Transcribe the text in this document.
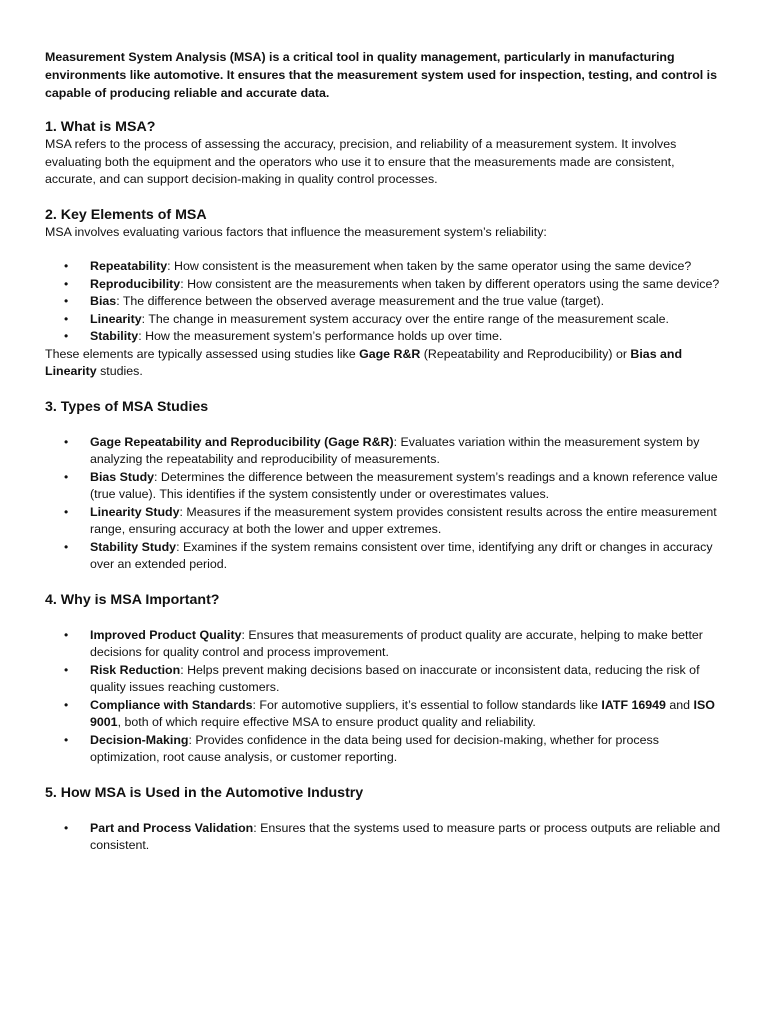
Measurement System Analysis (MSA) is a critical tool in quality management, particularly in manufacturing environments like automotive. It ensures that the measurement system used for inspection, testing, and control is capable of producing reliable and accurate data.

1. What is MSA?

MSA refers to the process of assessing the accuracy, precision, and reliability of a measurement system. It involves evaluating both the equipment and the operators who use it to ensure that the measurements made are consistent, accurate, and can support decision-making in quality control processes.

2. Key Elements of MSA

MSA involves evaluating various factors that influence the measurement system’s reliability:

• Repeatability: How consistent is the measurement when taken by the same operator using the same device?
• Reproducibility: How consistent are the measurements when taken by different operators using the same device?
• Bias: The difference between the observed average measurement and the true value (target).
• Linearity: The change in measurement system accuracy over the entire range of the measurement scale.
• Stability: How the measurement system’s performance holds up over time.

These elements are typically assessed using studies like Gage R&R (Repeatability and Reproducibility) or Bias and Linearity studies.

3. Types of MSA Studies
• Gage Repeatability and Reproducibility (Gage R&R): Evaluates variation within the measurement system by analyzing the repeatability and reproducibility of measurements.
• Bias Study: Determines the difference between the measurement system’s readings and a known reference value (true value). This identifies if the system consistently under or overestimates values.
• Linearity Study: Measures if the measurement system provides consistent results across the entire measurement range, ensuring accuracy at both the lower and upper extremes.
• Stability Study: Examines if the system remains consistent over time, identifying any drift or changes in accuracy over an extended period.
4. Why is MSA Important?
• Improved Product Quality: Ensures that measurements of product quality are accurate, helping to make better decisions for quality control and process improvement.
• Risk Reduction: Helps prevent making decisions based on inaccurate or inconsistent data, reducing the risk of quality issues reaching customers.
• Compliance with Standards: For automotive suppliers, it’s essential to follow standards like IATF 16949 and ISO 9001, both of which require effective MSA to ensure product quality and reliability.
• Decision-Making: Provides confidence in the data being used for decision-making, whether for process optimization, root cause analysis, or customer reporting.
5. How MSA is Used in the Automotive Industry
• Part and Process Validation: Ensures that the systems used to measure parts or process outputs are reliable and consistent.
